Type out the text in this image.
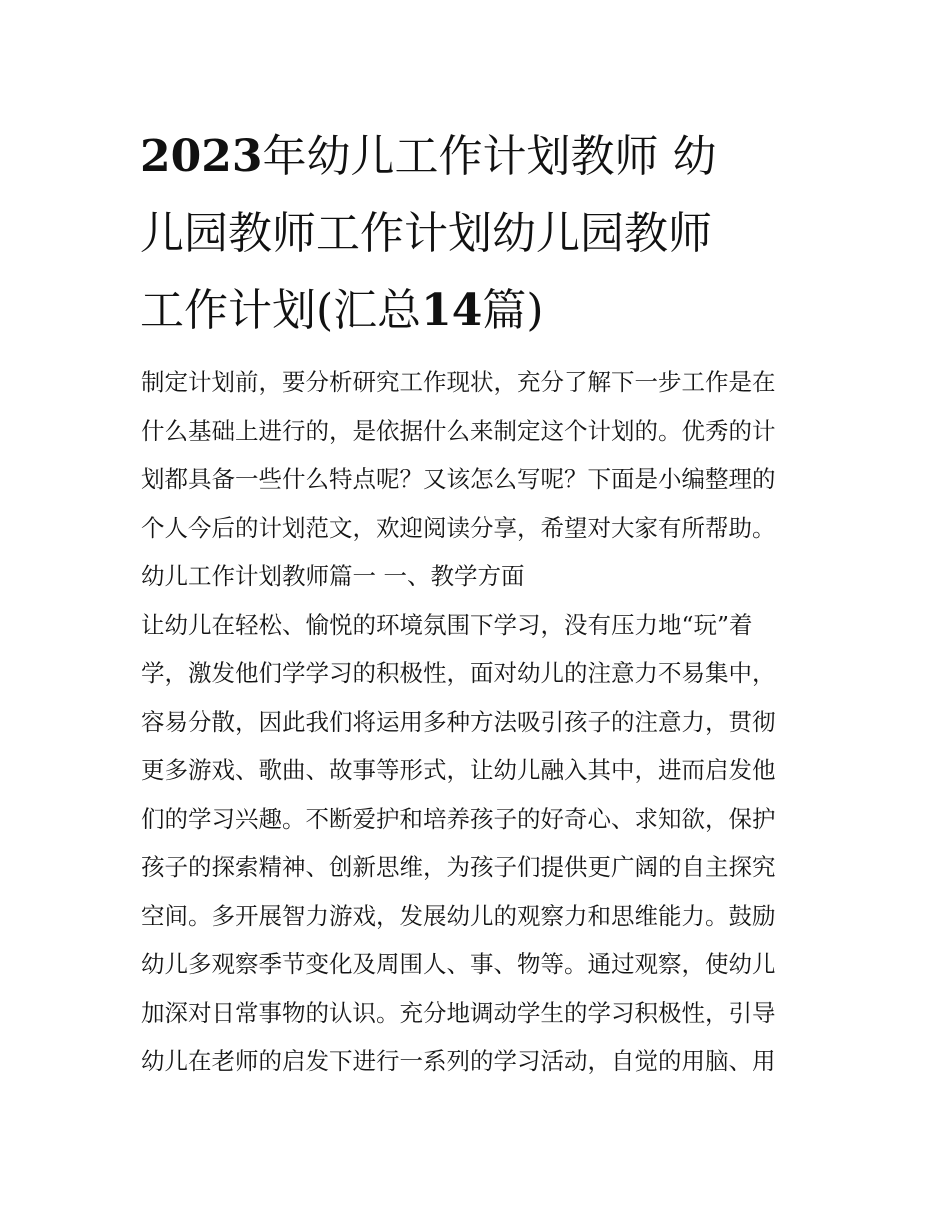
2023年幼儿工作计划教师 幼
儿园教师工作计划幼儿园教师
工作计划(汇总14篇)
制定计划前，要分析研究工作现状，充分了解下一步工作是在
什么基础上进行的，是依据什么来制定这个计划的。优秀的计
划都具备一些什么特点呢？又该怎么写呢？下面是小编整理的
个人今后的计划范文，欢迎阅读分享，希望对大家有所帮助。
幼儿工作计划教师篇一 一、教学方面
让幼儿在轻松、愉悦的环境氛围下学习，没有压力地“玩”着
学，激发他们学学习的积极性，面对幼儿的注意力不易集中，
容易分散，因此我们将运用多种方法吸引孩子的注意力，贯彻
更多游戏、歌曲、故事等形式，让幼儿融入其中，进而启发他
们的学习兴趣。不断爱护和培养孩子的好奇心、求知欲，保护
孩子的探索精神、创新思维，为孩子们提供更广阔的自主探究
空间。多开展智力游戏，发展幼儿的观察力和思维能力。鼓励
幼儿多观察季节变化及周围人、事、物等。通过观察，使幼儿
加深对日常事物的认识。充分地调动学生的学习积极性，引导
幼儿在老师的启发下进行一系列的学习活动，自觉的用脑、用
